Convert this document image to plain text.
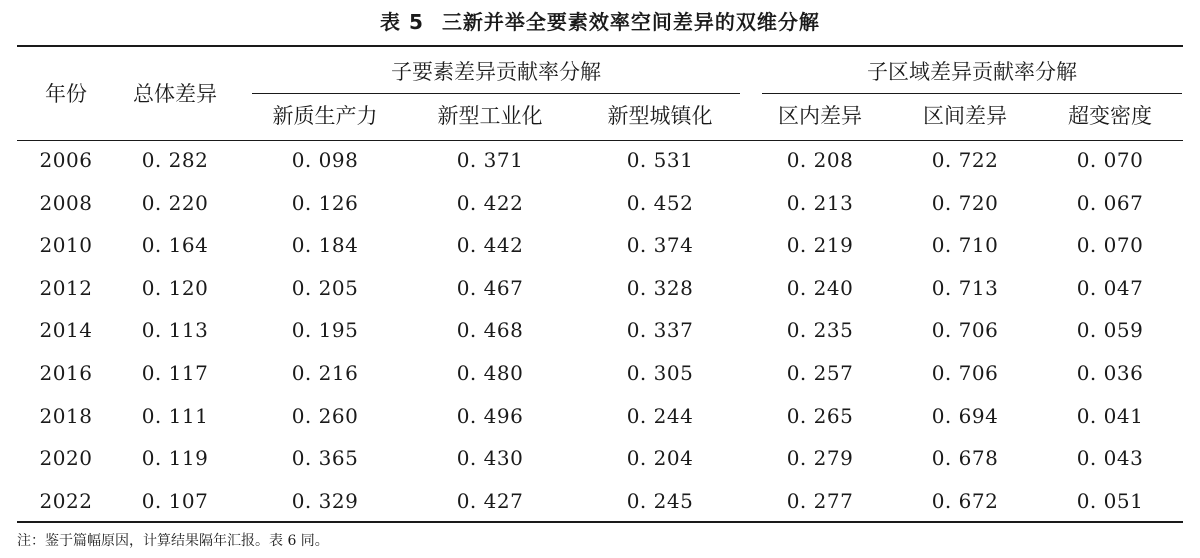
表 5 三新并举全要素效率空间差异的双维分解
年份	总体差异
子要素差异贡献率分解	子区域差异贡献率分解
新质生产力	新型工业化	新型城镇化	区内差异	区间差异	超变密度
2006	0. 282	0. 098	0. 371	0. 531	0. 208	0. 722	0. 070
2008	0. 220	0. 126	0. 422	0. 452	0. 213	0. 720	0. 067
2010	0. 164	0. 184	0. 442	0. 374	0. 219	0. 710	0. 070
2012	0. 120	0. 205	0. 467	0. 328	0. 240	0. 713	0. 047
2014	0. 113	0. 195	0. 468	0. 337	0. 235	0. 706	0. 059
2016	0. 117	0. 216	0. 480	0. 305	0. 257	0. 706	0. 036
2018	0. 111	0. 260	0. 496	0. 244	0. 265	0. 694	0. 041
2020	0. 119	0. 365	0. 430	0. 204	0. 279	0. 678	0. 043
2022	0. 107	0. 329	0. 427	0. 245	0. 277	0. 672	0. 051
注：鉴于篇幅原因，计算结果隔年汇报。表 6 同。
